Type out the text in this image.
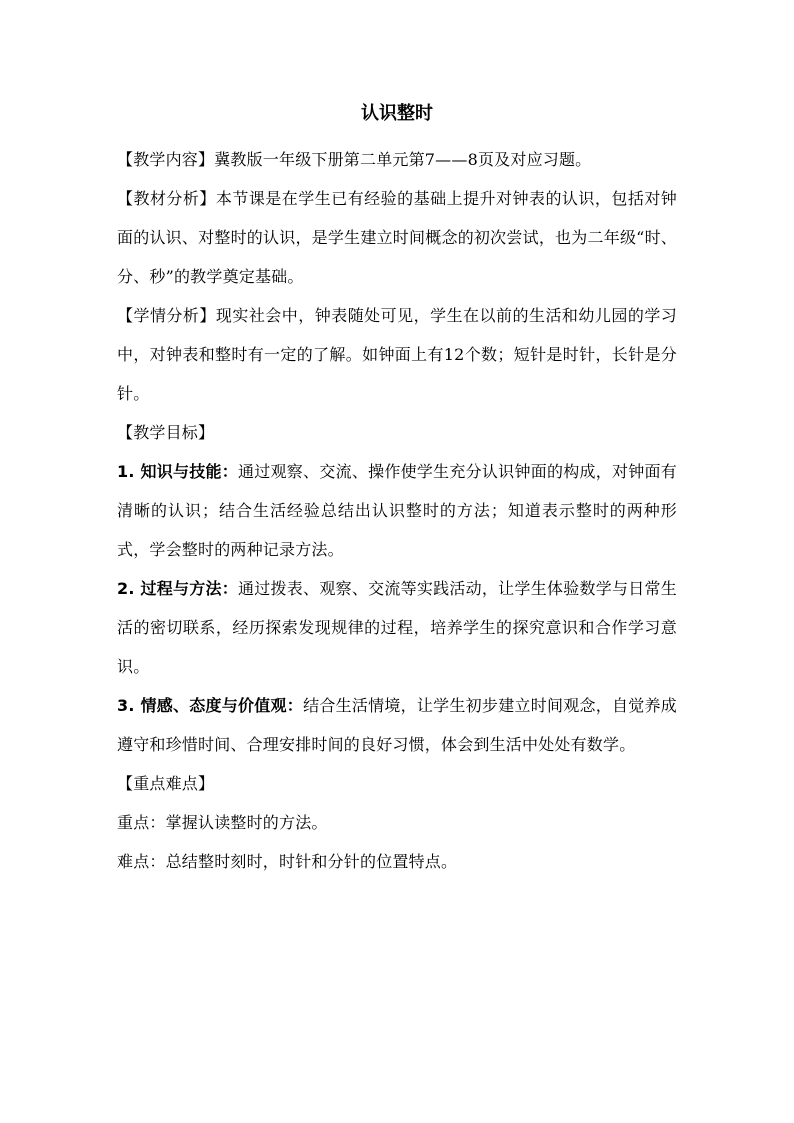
认识整时

【教学内容】冀教版一年级下册第二单元第7——8页及对应习题。

【教材分析】本节课是在学生已有经验的基础上提升对钟表的认识，包括对钟面的认识、对整时的认识，是学生建立时间概念的初次尝试，也为二年级“时、分、秒”的教学奠定基础。

【学情分析】现实社会中，钟表随处可见，学生在以前的生活和幼儿园的学习中，对钟表和整时有一定的了解。如钟面上有12个数；短针是时针，长针是分针。

【教学目标】

1. 知识与技能：通过观察、交流、操作使学生充分认识钟面的构成，对钟面有清晰的认识；结合生活经验总结出认识整时的方法；知道表示整时的两种形式，学会整时的两种记录方法。

2. 过程与方法：通过拨表、观察、交流等实践活动，让学生体验数学与日常生活的密切联系，经历探索发现规律的过程，培养学生的探究意识和合作学习意识。

3. 情感、态度与价值观：结合生活情境，让学生初步建立时间观念，自觉养成遵守和珍惜时间、合理安排时间的良好习惯，体会到生活中处处有数学。

【重点难点】

重点：掌握认读整时的方法。

难点：总结整时刻时，时针和分针的位置特点。
